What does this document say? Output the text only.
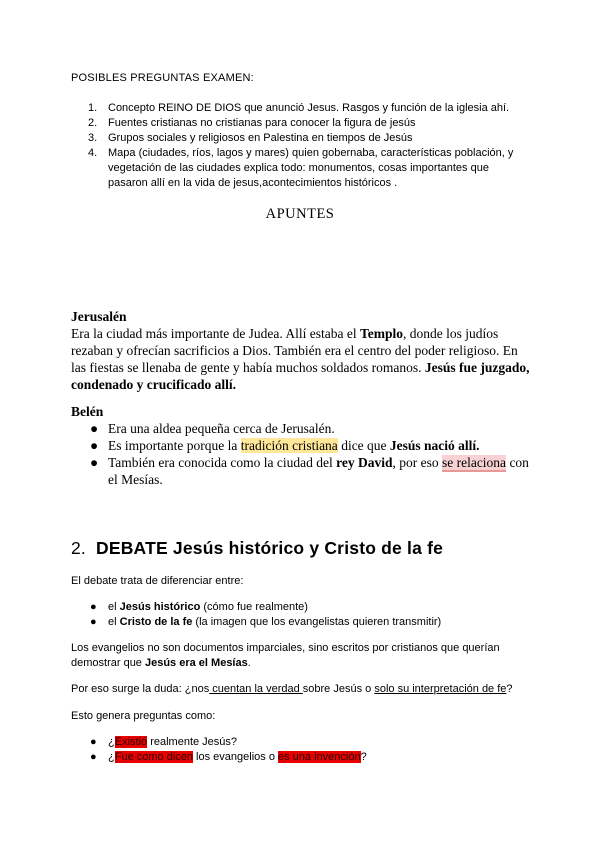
POSIBLES PREGUNTAS EXAMEN:
1. Concepto REINO DE DIOS que anunció Jesus. Rasgos y función de la iglesia ahí.
2. Fuentes cristianas no cristianas para conocer la figura de jesús
3. Grupos sociales y religiosos en Palestina en tiempos de Jesús
4. Mapa (ciudades, ríos, lagos y mares) quien gobernaba, características población, y vegetación de las ciudades explica todo: monumentos, cosas importantes que pasaron allí en la vida de jesus,acontecimientos históricos .
APUNTES
Jerusalén
Era la ciudad más importante de Judea. Allí estaba el Templo, donde los judíos rezaban y ofrecían sacrificios a Dios. También era el centro del poder religioso. En las fiestas se llenaba de gente y había muchos soldados romanos. Jesús fue juzgado, condenado y crucificado allí.
Belén
● Era una aldea pequeña cerca de Jerusalén.
● Es importante porque la tradición cristiana dice que Jesús nació allí.
● También era conocida como la ciudad del rey David, por eso se relaciona con el Mesías.
2. DEBATE Jesús histórico y Cristo de la fe
El debate trata de diferenciar entre:
● el Jesús histórico (cómo fue realmente)
● el Cristo de la fe (la imagen que los evangelistas quieren transmitir)
Los evangelios no son documentos imparciales, sino escritos por cristianos que querían demostrar que Jesús era el Mesías.
Por eso surge la duda: ¿nos cuentan la verdad sobre Jesús o solo su interpretación de fe?
Esto genera preguntas como:
● ¿Existió realmente Jesús?
● ¿Fue como dicen los evangelios o es una invención?
